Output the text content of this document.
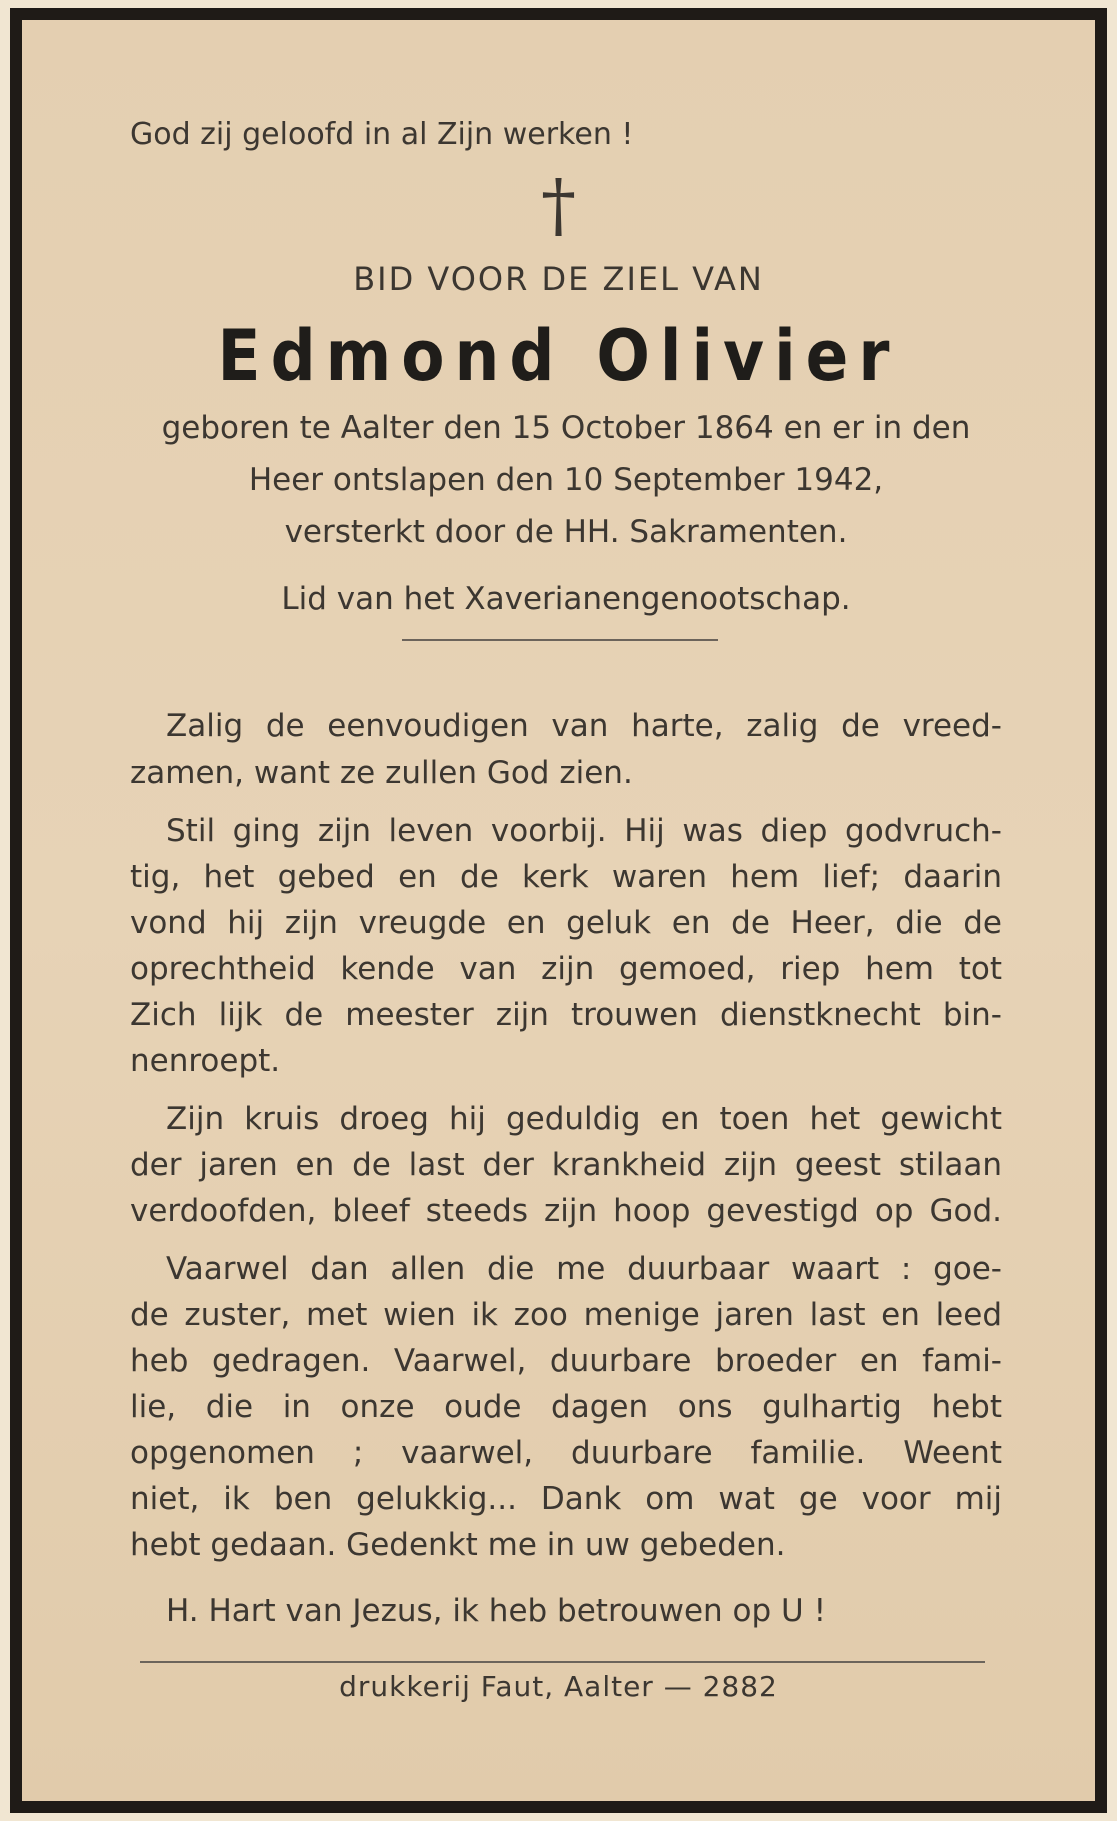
God zij geloofd in al Zijn werken !
†
BID VOOR DE ZIEL VAN
Edmond Olivier
geboren te Aalter den 15 October 1864 en er in den
Heer ontslapen den 10 September 1942,
versterkt door de HH. Sakramenten.
Lid van het Xaverianengenootschap.
Zalig de eenvoudigen van harte, zalig de vreed-
zamen, want ze zullen God zien.
Stil ging zijn leven voorbij. Hij was diep godvruch-
tig, het gebed en de kerk waren hem lief; daarin
vond hij zijn vreugde en geluk en de Heer, die de
oprechtheid kende van zijn gemoed, riep hem tot
Zich lijk de meester zijn trouwen dienstknecht bin-
nenroept.
Zijn kruis droeg hij geduldig en toen het gewicht
der jaren en de last der krankheid zijn geest stilaan
verdoofden, bleef steeds zijn hoop gevestigd op God.
Vaarwel dan allen die me duurbaar waart : goe-
de zuster, met wien ik zoo menige jaren last en leed
heb gedragen. Vaarwel, duurbare broeder en fami-
lie, die in onze oude dagen ons gulhartig hebt
opgenomen ; vaarwel, duurbare familie. Weent
niet, ik ben gelukkig... Dank om wat ge voor mij
hebt gedaan. Gedenkt me in uw gebeden.
H. Hart van Jezus, ik heb betrouwen op U !
drukkerij Faut, Aalter — 2882
